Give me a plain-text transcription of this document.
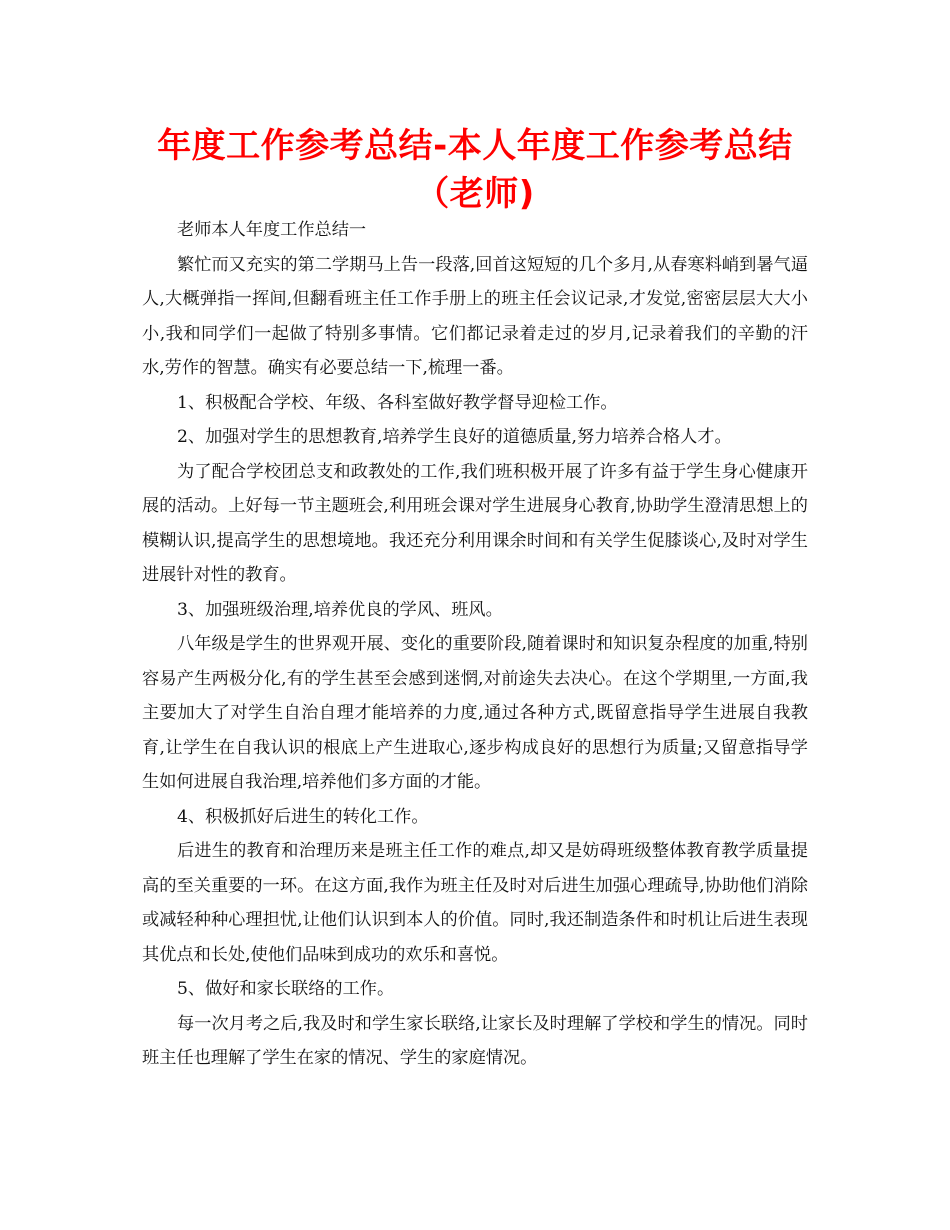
年度工作参考总结-本人年度工作参考总结（老师)

老师本人年度工作总结一

繁忙而又充实的第二学期马上告一段落,回首这短短的几个多月,从春寒料峭到暑气逼人,大概弹指一挥间,但翻看班主任工作手册上的班主任会议记录,才发觉,密密层层大大小小,我和同学们一起做了特别多事情。它们都记录着走过的岁月,记录着我们的辛勤的汗水,劳作的智慧。确实有必要总结一下,梳理一番。

1、积极配合学校、年级、各科室做好教学督导迎检工作。

2、加强对学生的思想教育,培养学生良好的道德质量,努力培养合格人才。

为了配合学校团总支和政教处的工作,我们班积极开展了许多有益于学生身心健康开展的活动。上好每一节主题班会,利用班会课对学生进展身心教育,协助学生澄清思想上的模糊认识,提高学生的思想境地。我还充分利用课余时间和有关学生促膝谈心,及时对学生进展针对性的教育。

3、加强班级治理,培养优良的学风、班风。

八年级是学生的世界观开展、变化的重要阶段,随着课时和知识复杂程度的加重,特别容易产生两极分化,有的学生甚至会感到迷惘,对前途失去决心。在这个学期里,一方面,我主要加大了对学生自治自理才能培养的力度,通过各种方式,既留意指导学生进展自我教育,让学生在自我认识的根底上产生进取心,逐步构成良好的思想行为质量;又留意指导学生如何进展自我治理,培养他们多方面的才能。

4、积极抓好后进生的转化工作。

后进生的教育和治理历来是班主任工作的难点,却又是妨碍班级整体教育教学质量提高的至关重要的一环。在这方面,我作为班主任及时对后进生加强心理疏导,协助他们消除或减轻种种心理担忧,让他们认识到本人的价值。同时,我还制造条件和时机让后进生表现其优点和长处,使他们品味到成功的欢乐和喜悦。

5、做好和家长联络的工作。

每一次月考之后,我及时和学生家长联络,让家长及时理解了学校和学生的情况。同时班主任也理解了学生在家的情况、学生的家庭情况。
